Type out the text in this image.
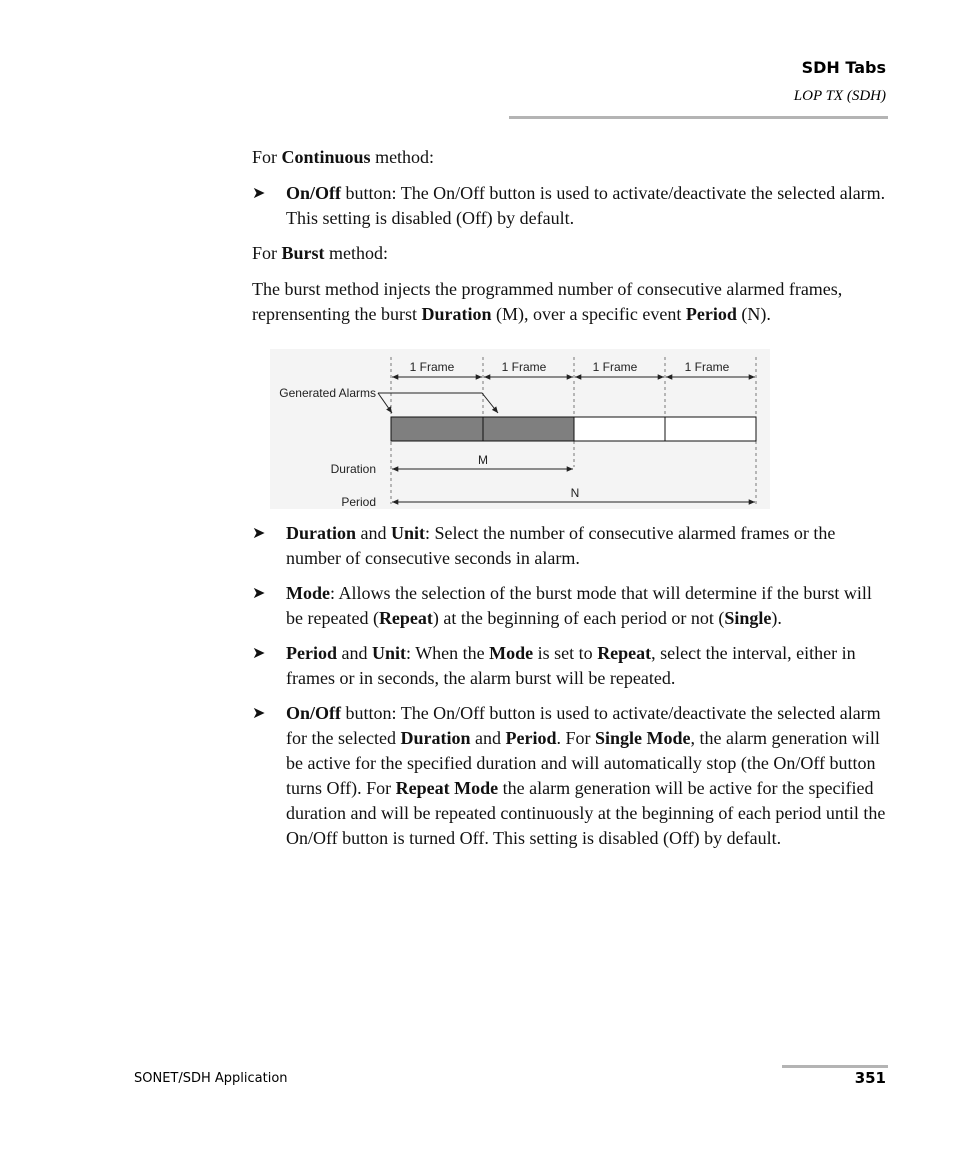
SDH Tabs
LOP TX (SDH)

For Continuous method:

➤ On/Off button: The On/Off button is used to activate/deactivate the selected alarm. This setting is disabled (Off) by default.

For Burst method:

The burst method injects the programmed number of consecutive alarmed frames, reprensenting the burst Duration (M), over a specific event Period (N).

1 Frame	1 Frame	1 Frame	1 Frame
Generated Alarms
Duration
M
Period
N
➤ Duration and Unit: Select the number of consecutive alarmed frames or the number of consecutive seconds in alarm.
➤ Mode: Allows the selection of the burst mode that will determine if the burst will be repeated (Repeat) at the beginning of each period or not (Single).
➤ Period and Unit: When the Mode is set to Repeat, select the interval, either in frames or in seconds, the alarm burst will be repeated.
➤ On/Off button: The On/Off button is used to activate/deactivate the selected alarm for the selected Duration and Period. For Single Mode, the alarm generation will be active for the specified duration and will automatically stop (the On/Off button turns Off). For Repeat Mode the alarm generation will be active for the specified duration and will be repeated continuously at the beginning of each period until the On/Off button is turned Off. This setting is disabled (Off) by default.
SONET/SDH Application	351
